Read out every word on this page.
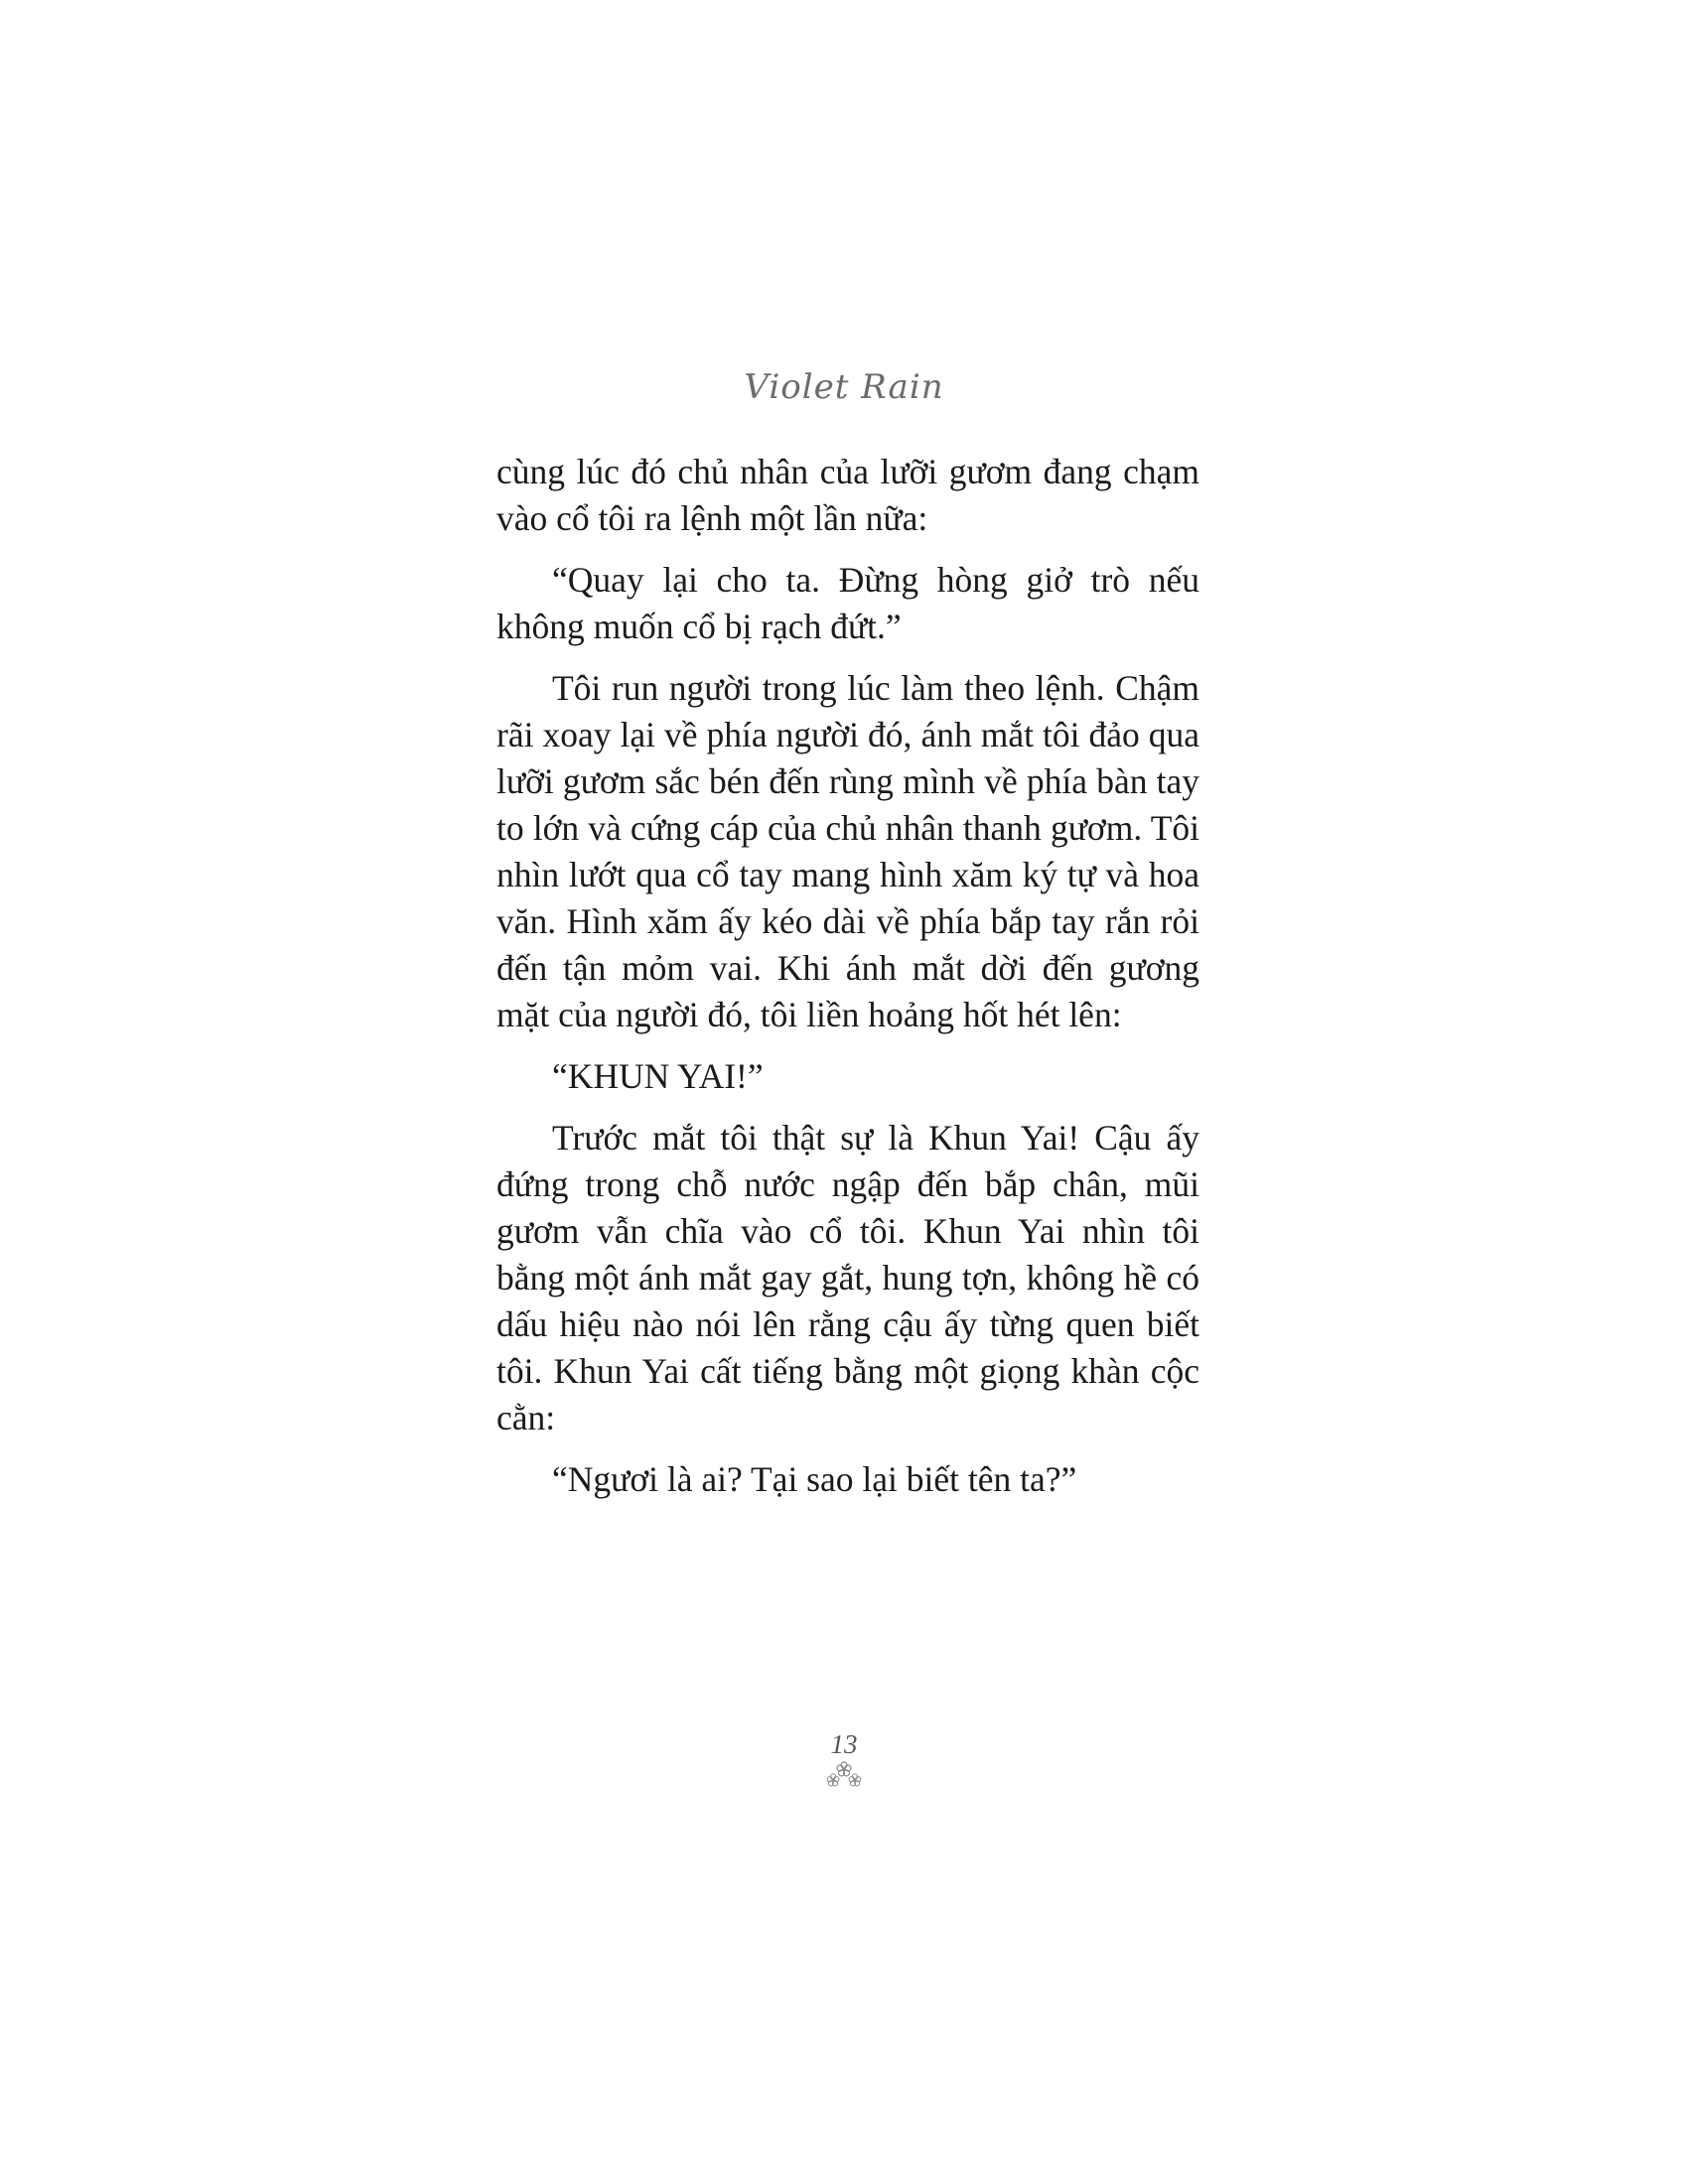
Violet Rain

cùng lúc đó chủ nhân của lưỡi gươm đang chạm vào cổ tôi ra lệnh một lần nữa:

“Quay lại cho ta. Đừng hòng giở trò nếu không muốn cổ bị rạch đứt.”

Tôi run người trong lúc làm theo lệnh. Chậm rãi xoay lại về phía người đó, ánh mắt tôi đảo qua lưỡi gươm sắc bén đến rùng mình về phía bàn tay to lớn và cứng cáp của chủ nhân thanh gươm. Tôi nhìn lướt qua cổ tay mang hình xăm ký tự và hoa văn. Hình xăm ấy kéo dài về phía bắp tay rắn rỏi đến tận mỏm vai. Khi ánh mắt dời đến gương mặt của người đó, tôi liền hoảng hốt hét lên:

“KHUN YAI!”

Trước mắt tôi thật sự là Khun Yai! Cậu ấy đứng trong chỗ nước ngập đến bắp chân, mũi gươm vẫn chĩa vào cổ tôi. Khun Yai nhìn tôi bằng một ánh mắt gay gắt, hung tợn, không hề có dấu hiệu nào nói lên rằng cậu ấy từng quen biết tôi. Khun Yai cất tiếng bằng một giọng khàn cộc cằn:

“Ngươi là ai? Tại sao lại biết tên ta?”

13
